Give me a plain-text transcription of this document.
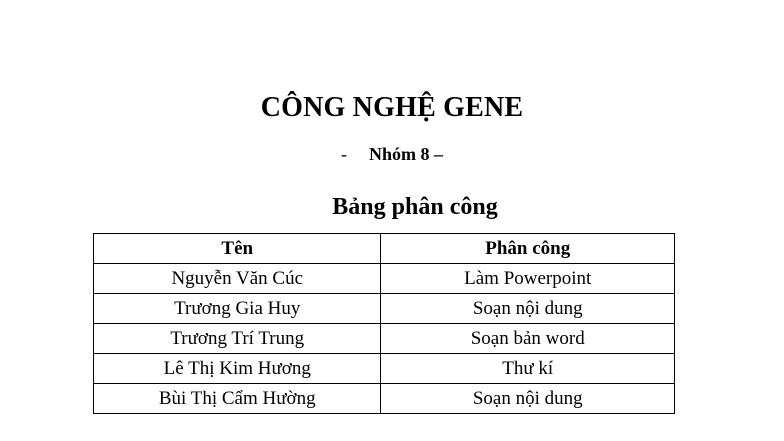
CÔNG NGHỆ GENE
- Nhóm 8 –
Bảng phân công
Tên	Phân công
Nguyễn Văn Cúc	Làm Powerpoint
Trương Gia Huy	Soạn nội dung
Trương Trí Trung	Soạn bản word
Lê Thị Kim Hương	Thư kí
Bùi Thị Cẩm Hường	Soạn nội dung
